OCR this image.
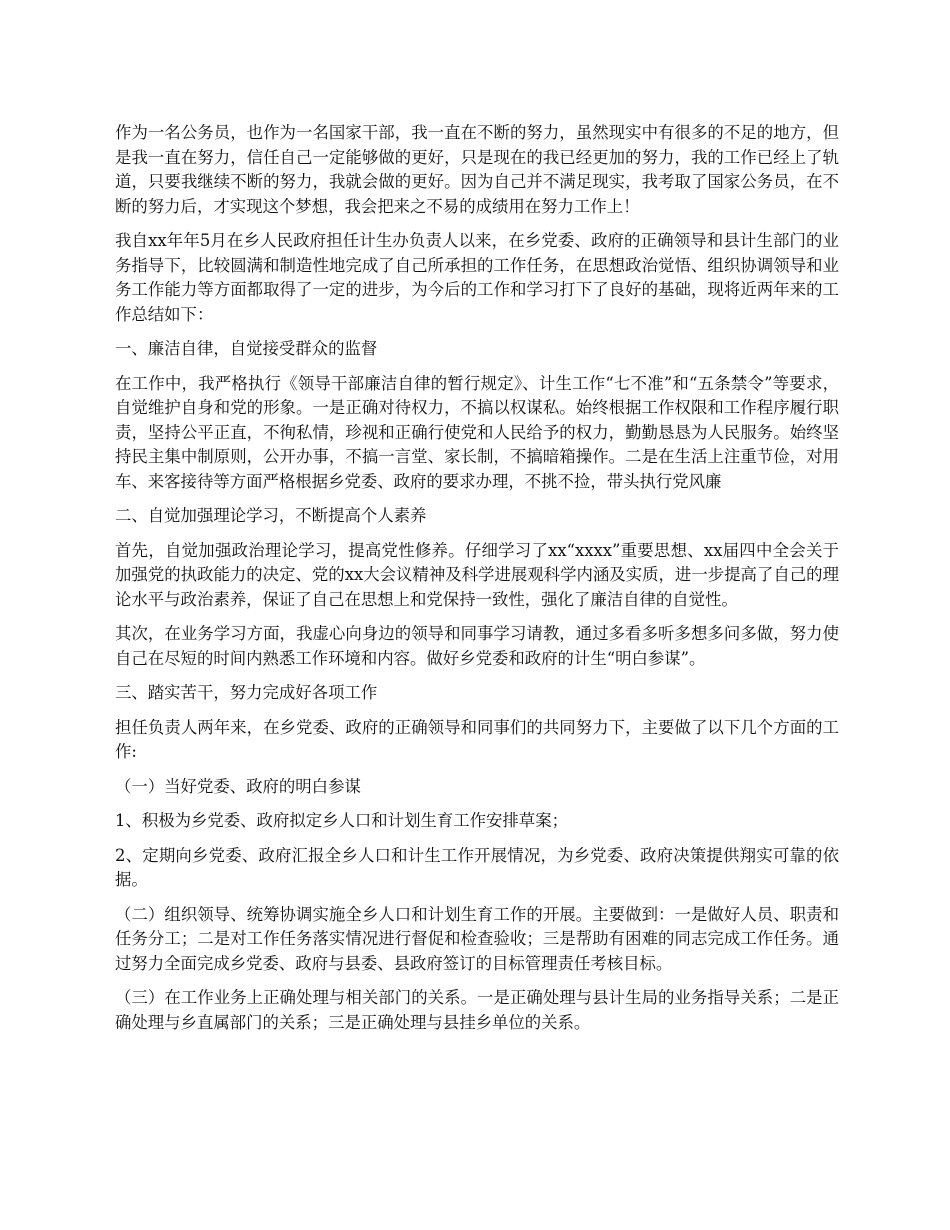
作为一名公务员，也作为一名国家干部，我一直在不断的努力，虽然现实中有很多的不足的地方，但是我一直在努力，信任自己一定能够做的更好，只是现在的我已经更加的努力，我的工作已经上了轨道，只要我继续不断的努力，我就会做的更好。因为自己并不满足现实，我考取了国家公务员，在不断的努力后，才实现这个梦想，我会把来之不易的成绩用在努力工作上！

我自xx年年5月在乡人民政府担任计生办负责人以来，在乡党委、政府的正确领导和县计生部门的业务指导下，比较圆满和制造性地完成了自己所承担的工作任务，在思想政治觉悟、组织协调领导和业务工作能力等方面都取得了一定的进步，为今后的工作和学习打下了良好的基础，现将近两年来的工作总结如下：

一、廉洁自律，自觉接受群众的监督

在工作中，我严格执行《领导干部廉洁自律的暂行规定》、计生工作“七不准”和“五条禁令”等要求，自觉维护自身和党的形象。一是正确对待权力，不搞以权谋私。始终根据工作权限和工作程序履行职责，坚持公平正直，不徇私情，珍视和正确行使党和人民给予的权力，勤勤恳恳为人民服务。始终坚持民主集中制原则，公开办事，不搞一言堂、家长制，不搞暗箱操作。二是在生活上注重节俭，对用车、来客接待等方面严格根据乡党委、政府的要求办理，不挑不捡，带头执行党风廉

二、自觉加强理论学习，不断提高个人素养

首先，自觉加强政治理论学习，提高党性修养。仔细学习了xx“xxxx”重要思想、xx届四中全会关于加强党的执政能力的决定、党的xx大会议精神及科学进展观科学内涵及实质，进一步提高了自己的理论水平与政治素养，保证了自己在思想上和党保持一致性，强化了廉洁自律的自觉性。

其次，在业务学习方面，我虚心向身边的领导和同事学习请教，通过多看多听多想多问多做，努力使自己在尽短的时间内熟悉工作环境和内容。做好乡党委和政府的计生“明白参谋”。

三、踏实苦干，努力完成好各项工作

担任负责人两年来，在乡党委、政府的正确领导和同事们的共同努力下，主要做了以下几个方面的工作:

（一）当好党委、政府的明白参谋

1、积极为乡党委、政府拟定乡人口和计划生育工作安排草案；

2、定期向乡党委、政府汇报全乡人口和计生工作开展情况，为乡党委、政府决策提供翔实可靠的依据。

（二）组织领导、统筹协调实施全乡人口和计划生育工作的开展。主要做到：一是做好人员、职责和任务分工；二是对工作任务落实情况进行督促和检查验收；三是帮助有困难的同志完成工作任务。通过努力全面完成乡党委、政府与县委、县政府签订的目标管理责任考核目标。

（三）在工作业务上正确处理与相关部门的关系。一是正确处理与县计生局的业务指导关系；二是正确处理与乡直属部门的关系；三是正确处理与县挂乡单位的关系。
